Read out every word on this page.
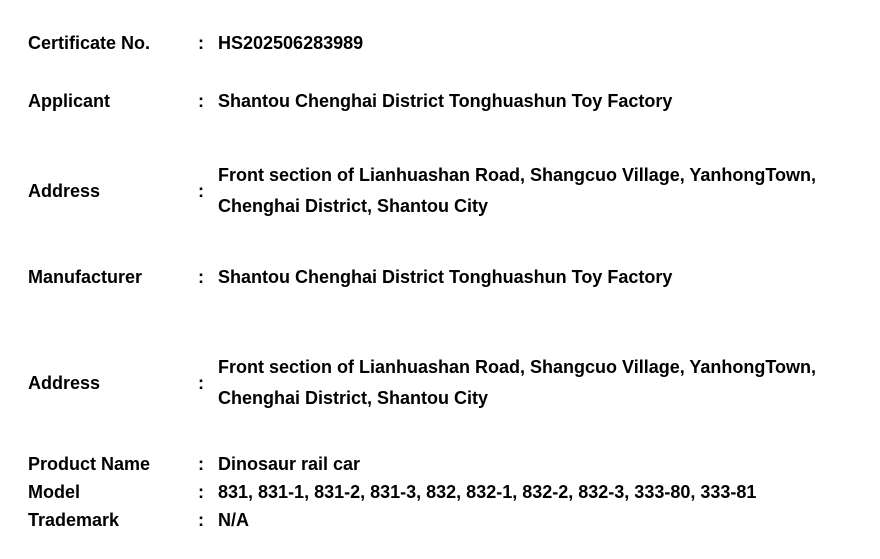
Certificate No.	: HS202506283989
Applicant	: Shantou Chenghai District Tonghuashun Toy Factory
Address	:
Front section of Lianhuashan Road, Shangcuo Village, YanhongTown, Chenghai District, Shantou City
Manufacturer	: Shantou Chenghai District Tonghuashun Toy Factory
Address	:
Front section of Lianhuashan Road, Shangcuo Village, YanhongTown, Chenghai District, Shantou City
Product Name	: Dinosaur rail car
Model	: 831, 831-1, 831-2, 831-3, 832, 832-1, 832-2, 832-3, 333-80, 333-81
Trademark	: N/A
